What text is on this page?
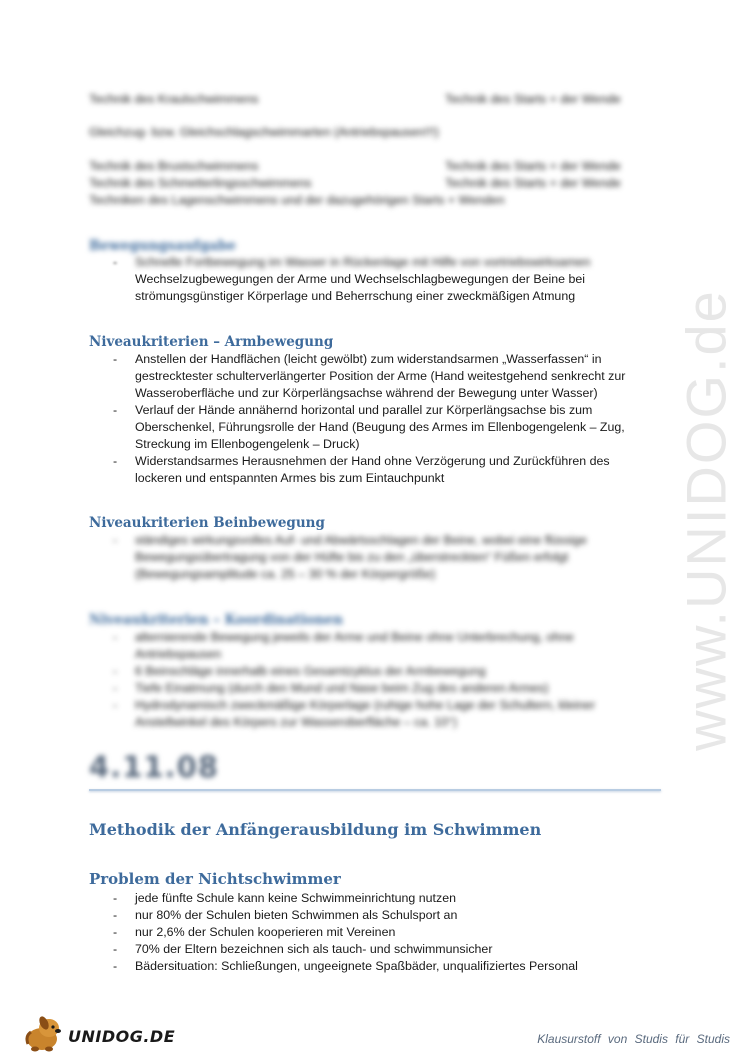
Technik des Kraulschwimmens	Technik des Starts + der Wende
Gleichzug- bzw. Gleichschlagschwimmarten (Antriebspausen!!!)
Technik des Brustschwimmens	Technik des Starts + der Wende
Technik des Schmetterlingsschwimmens	Technik des Starts + der Wende
Techniken des Lagenschwimmens und der dazugehörigen Starts + Wenden
Bewegungsaufgabe
- Schnelle Fortbewegung im Wasser in Rückenlage mit Hilfe von vortriebswirksamen
Wechselzugbewegungen der Arme und Wechselschlagbewegungen der Beine bei
strömungsgünstiger Körperlage und Beherrschung einer zweckmäßigen Atmung
Niveaukriterien – Armbewegung
- Anstellen der Handflächen (leicht gewölbt) zum widerstandsarmen „Wasserfassen“ in
gestrecktester schulterverlängerter Position der Arme (Hand weitestgehend senkrecht zur
Wasseroberfläche und zur Körperlängsachse während der Bewegung unter Wasser)
- Verlauf der Hände annähernd horizontal und parallel zur Körperlängsachse bis zum
Oberschenkel, Führungsrolle der Hand (Beugung des Armes im Ellenbogengelenk – Zug,
Streckung im Ellenbogengelenk – Druck)
- Widerstandsarmes Herausnehmen der Hand ohne Verzögerung und Zurückführen des
lockeren und entspannten Armes bis zum Eintauchpunkt
Niveaukriterien Beinbewegung
- ständiges wirkungsvolles Auf- und Abwärtsschlagen der Beine, wobei eine flüssige
Bewegungsübertragung von der Hüfte bis zu den „überstreckten“ Füßen erfolgt
(Bewegungsamplitude ca. 25 – 30 % der Körpergröße)
Niveaukriterien – Koordinationen
- alternierende Bewegung jeweils der Arme und Beine ohne Unterbrechung, ohne
Antriebspausen
- 6 Beinschläge innerhalb eines Gesamtzyklus der Armbewegung
- Tiefe Einatmung (durch den Mund und Nase beim Zug des anderen Armes)
- Hydrodynamisch zweckmäßige Körperlage (ruhige hohe Lage der Schultern, kleiner
Anstellwinkel des Körpers zur Wasseroberfläche – ca. 10°)
4.11.08
Methodik der Anfängerausbildung im Schwimmen
Problem der Nichtschwimmer
- jede fünfte Schule kann keine Schwimmeinrichtung nutzen
- nur 80% der Schulen bieten Schwimmen als Schulsport an
- nur 2,6% der Schulen kooperieren mit Vereinen
- 70% der Eltern bezeichnen sich als tauch- und schwimmunsicher
- Bädersituation: Schließungen, ungeeignete Spaßbäder, unqualifiziertes Personal
www.UNIDOG.de
UNIDOG.DE	Klausurstoff von Studis für Studis
